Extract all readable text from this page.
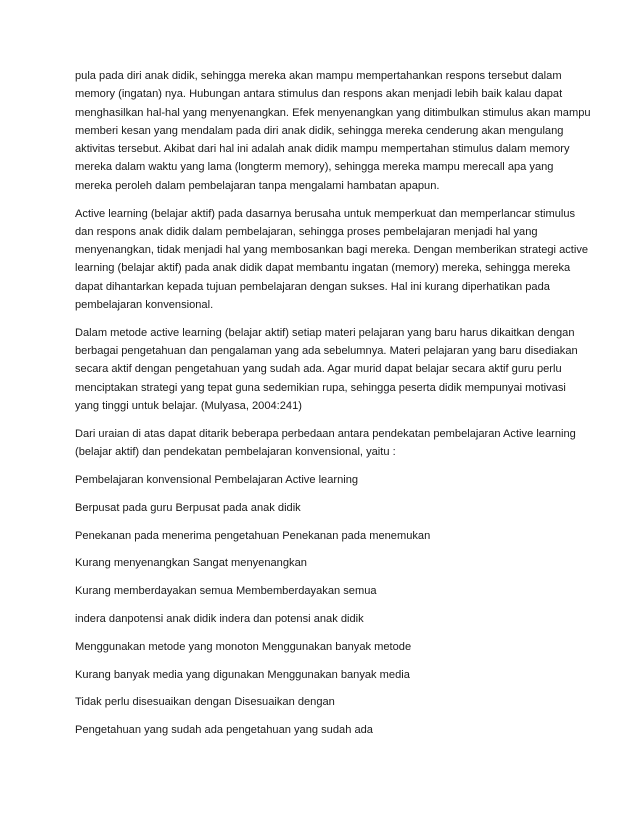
pula pada diri anak didik, sehingga mereka akan mampu mempertahankan respons tersebut dalam
memory (ingatan) nya. Hubungan antara stimulus dan respons akan menjadi lebih baik kalau dapat
menghasilkan hal-hal yang menyenangkan. Efek menyenangkan yang ditimbulkan stimulus akan mampu
memberi kesan yang mendalam pada diri anak didik, sehingga mereka cenderung akan mengulang
aktivitas tersebut. Akibat dari hal ini adalah anak didik mampu mempertahan stimulus dalam memory
mereka dalam waktu yang lama (longterm memory), sehingga mereka mampu merecall apa yang
mereka peroleh dalam pembelajaran tanpa mengalami hambatan apapun.
Active learning (belajar aktif) pada dasarnya berusaha untuk memperkuat dan memperlancar stimulus
dan respons anak didik dalam pembelajaran, sehingga proses pembelajaran menjadi hal yang
menyenangkan, tidak menjadi hal yang membosankan bagi mereka. Dengan memberikan strategi active
learning (belajar aktif) pada anak didik dapat membantu ingatan (memory) mereka, sehingga mereka
dapat dihantarkan kepada tujuan pembelajaran dengan sukses. Hal ini kurang diperhatikan pada
pembelajaran konvensional.
Dalam metode active learning (belajar aktif) setiap materi pelajaran yang baru harus dikaitkan dengan
berbagai pengetahuan dan pengalaman yang ada sebelumnya. Materi pelajaran yang baru disediakan
secara aktif dengan pengetahuan yang sudah ada. Agar murid dapat belajar secara aktif guru perlu
menciptakan strategi yang tepat guna sedemikian rupa, sehingga peserta didik mempunyai motivasi
yang tinggi untuk belajar. (Mulyasa, 2004:241)
Dari uraian di atas dapat ditarik beberapa perbedaan antara pendekatan pembelajaran Active learning
(belajar aktif) dan pendekatan pembelajaran konvensional, yaitu :
Pembelajaran konvensional Pembelajaran Active learning
Berpusat pada guru Berpusat pada anak didik
Penekanan pada menerima pengetahuan Penekanan pada menemukan
Kurang menyenangkan Sangat menyenangkan
Kurang memberdayakan semua Membemberdayakan semua
indera danpotensi anak didik indera dan potensi anak didik
Menggunakan metode yang monoton Menggunakan banyak metode
Kurang banyak media yang digunakan Menggunakan banyak media
Tidak perlu disesuaikan dengan Disesuaikan dengan
Pengetahuan yang sudah ada pengetahuan yang sudah ada
